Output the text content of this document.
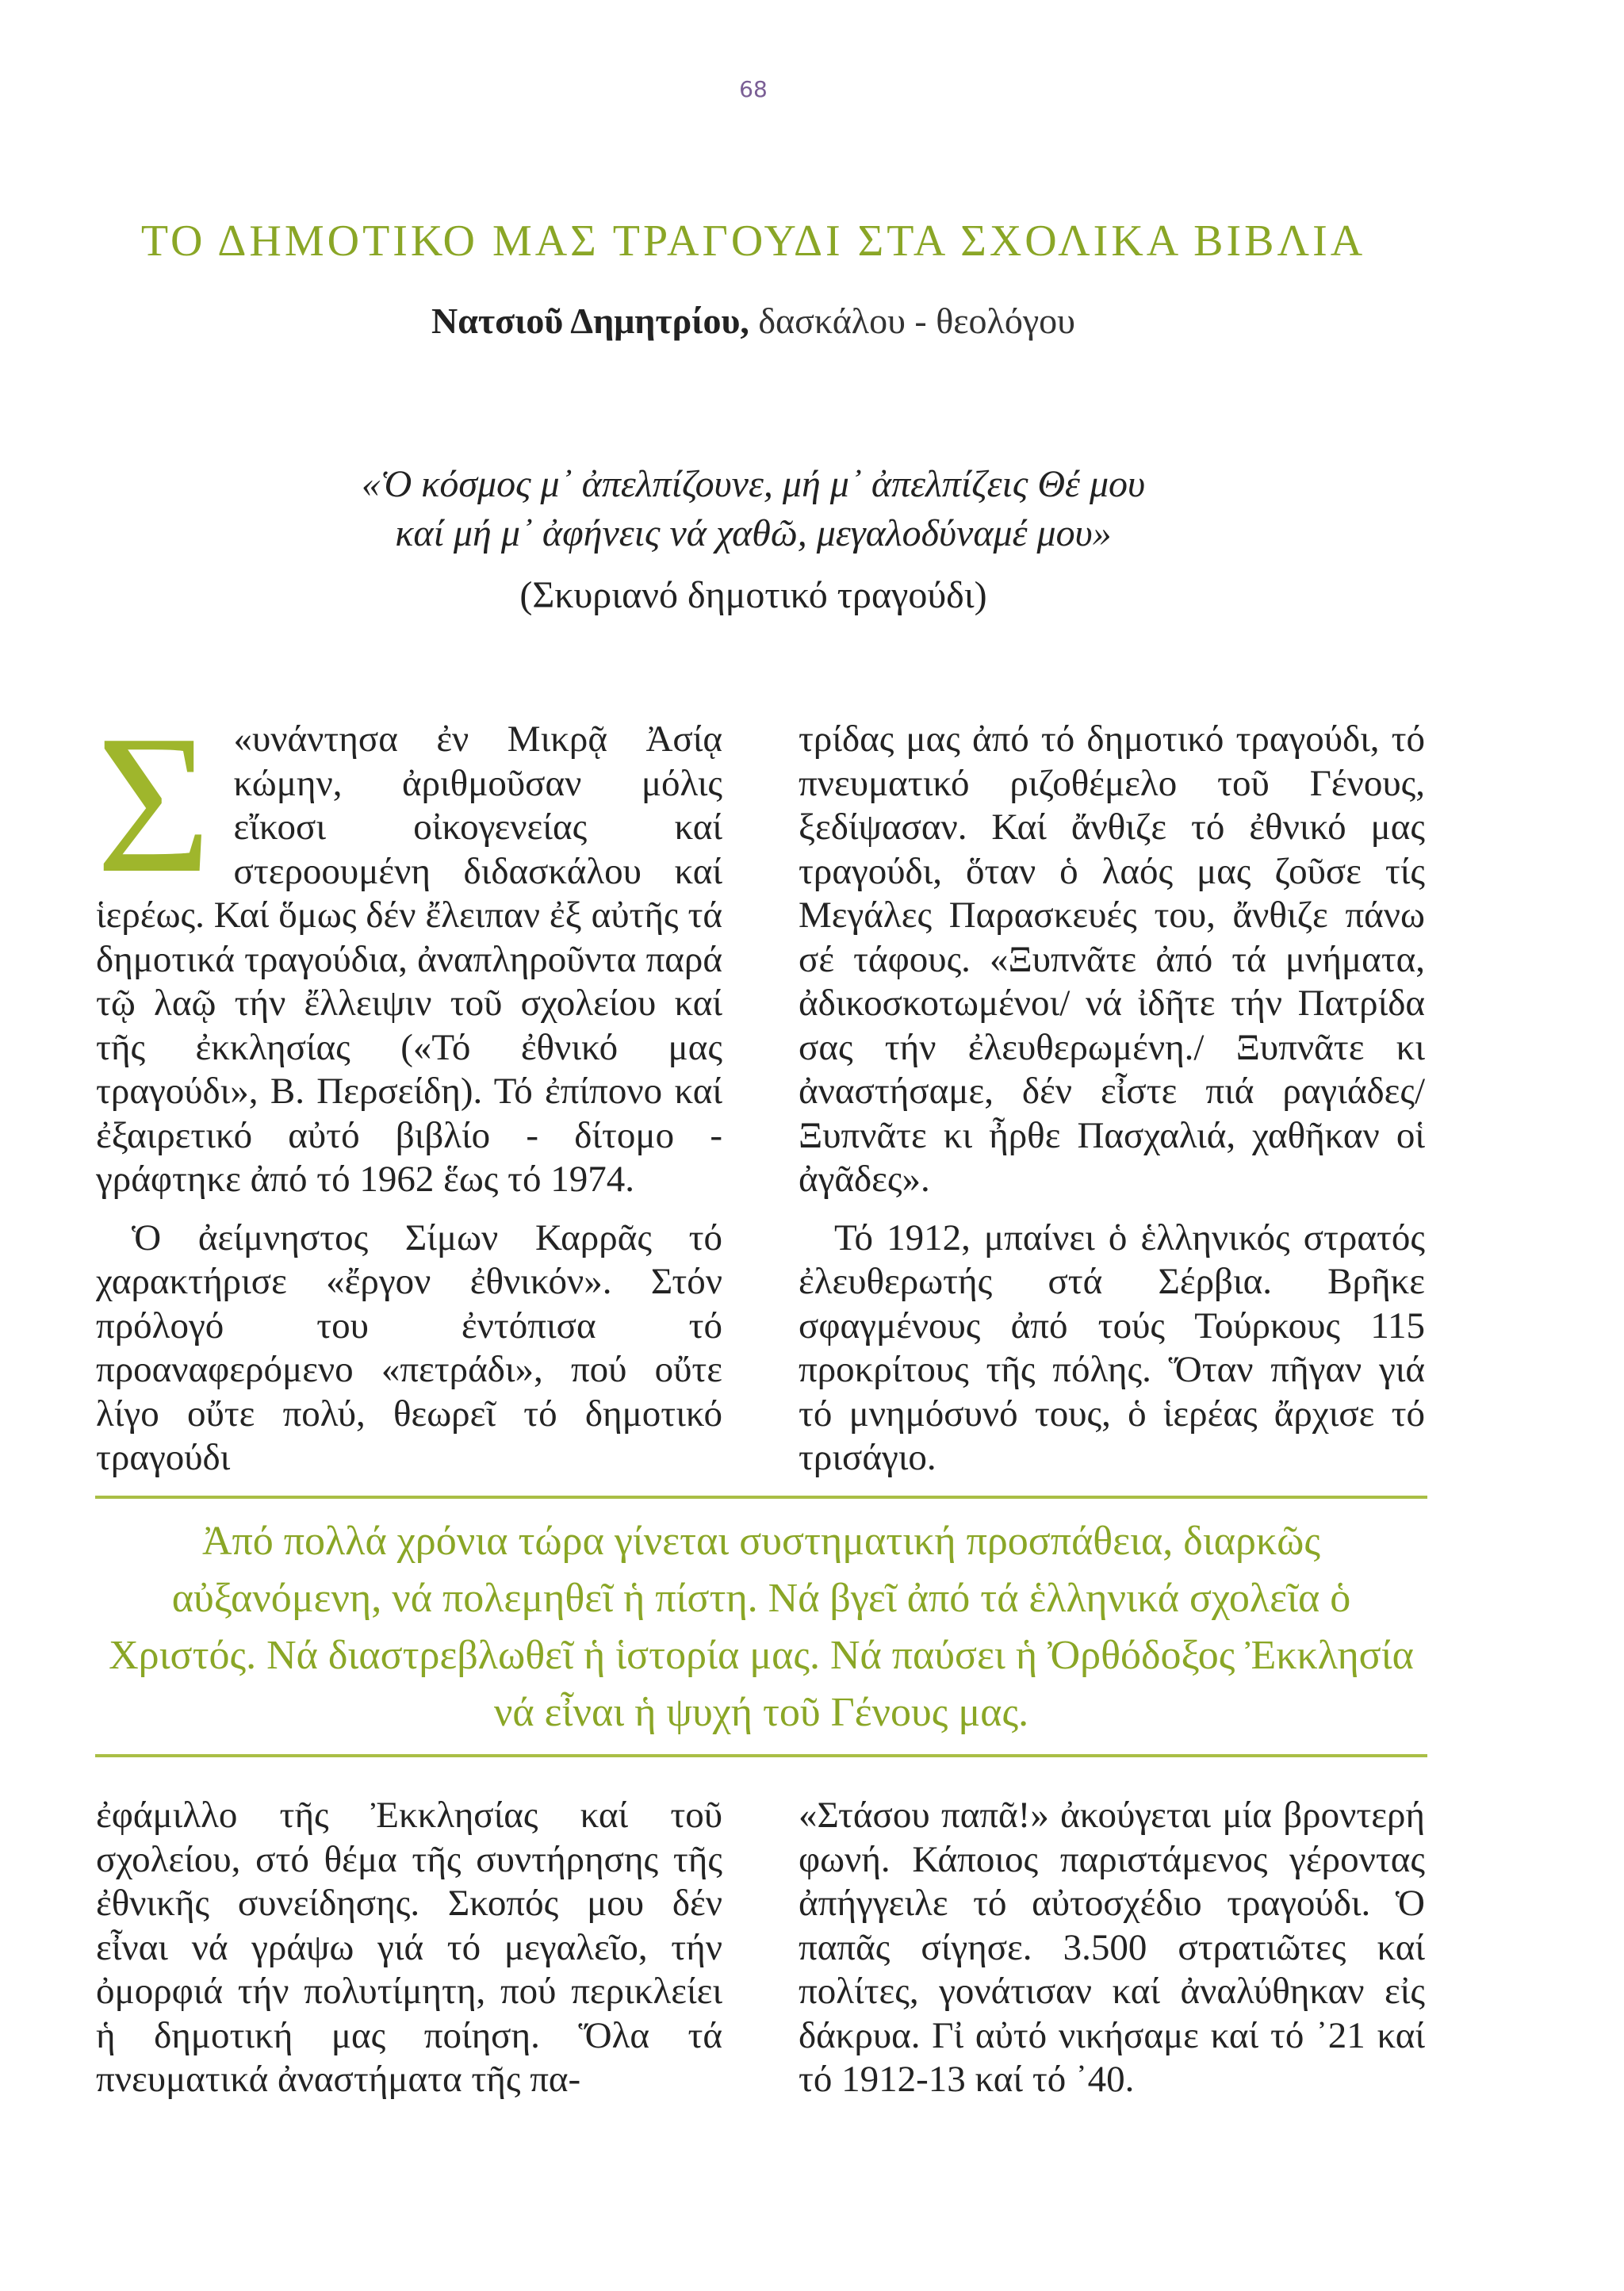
68
ΤΟ ΔΗΜΟΤΙΚΟ ΜΑΣ ΤΡΑΓΟΥΔΙ ΣΤΑ ΣΧΟΛΙΚΑ ΒΙΒΛΙΑ
Νατσιοῦ Δημητρίου, δασκάλου - θεολόγου
«Ὁ κόσμος μ᾽ ἀπελπίζουνε, μή μ᾽ ἀπελπίζεις Θέ μου
καί μή μ᾽ ἀφήνεις νά χαθῶ, μεγαλοδύναμέ μου»
(Σκυριανό δημοτικό τραγούδι)
Σ «υνάντησα ἐν Μικρᾷ Ἀσίᾳ κώμην, ἀριθμοῦσαν μόλις εἴκοσι οἰκογενείας καί στεροουμένη διδασκάλου καί ἱερέως. Καί ὅμως δέν ἔλειπαν ἐξ αὐτῆς τά δημοτικά τραγούδια, ἀναπληροῦντα παρά τῷ λαῷ τήν ἔλλειψιν τοῦ σχολείου καί τῆς ἐκκλησίας («Τό ἐθνικό μας τραγούδι», Β. Περσείδη). Τό ἐπίπονο καί ἐξαιρετικό αὐτό βιβλίο - δίτομο - γράφτηκε ἀπό τό 1962 ἕως τό 1974.

Ὁ ἀείμνηστος Σίμων Καρρᾶς τό χαρακτήρισε «ἔργον ἐθνικόν». Στόν πρόλογό του ἐντόπισα τό προαναφερόμενο «πετράδι», πού οὔτε λίγο οὔτε πολύ, θεωρεῖ τό δημοτικό τραγούδι

τρίδας μας ἀπό τό δημοτικό τραγούδι, τό πνευματικό ριζοθέμελο τοῦ Γένους, ξεδίψασαν. Καί ἄνθιζε τό ἐθνικό μας τραγούδι, ὅταν ὁ λαός μας ζοῦσε τίς Μεγάλες Παρασκευές του, ἄνθιζε πάνω σέ τάφους. «Ξυπνᾶτε ἀπό τά μνήματα, ἀδικοσκοτωμένοι/ νά ἰδῆτε τήν Πατρίδα σας τήν ἐλευθερωμένη./ Ξυπνᾶτε κι ἀναστήσαμε, δέν εἶστε πιά ραγιάδες/ Ξυπνᾶτε κι ἦρθε Πασχαλιά, χαθῆκαν οἱ ἀγᾶδες».

Τό 1912, μπαίνει ὁ ἑλληνικός στρατός ἐλευθερωτής στά Σέρβια. Βρῆκε σφαγμένους ἀπό τούς Τούρκους 115 προκρίτους τῆς πόλης. Ὅταν πῆγαν γιά τό μνημόσυνό τους, ὁ ἱερέας ἄρχισε τό τρισάγιο.

Ἀπό πολλά χρόνια τώρα γίνεται συστηματική προσπάθεια, διαρκῶς αὐξανόμενη, νά πολεμηθεῖ ἡ πίστη. Νά βγεῖ ἀπό τά ἑλληνικά σχολεῖα ὁ Χριστός. Νά διαστρεβλωθεῖ ἡ ἱστορία μας. Νά παύσει ἡ Ὀρθόδοξος Ἐκκλησία νά εἶναι ἡ ψυχή τοῦ Γένους μας.

ἐφάμιλλο τῆς Ἐκκλησίας καί τοῦ σχολείου, στό θέμα τῆς συντήρησης τῆς ἐθνικῆς συνείδησης. Σκοπός μου δέν εἶναι νά γράψω γιά τό μεγαλεῖο, τήν ὀμορφιά τήν πολυτίμητη, πού περικλείει ἡ δημοτική μας ποίηση. Ὅλα τά πνευματικά ἀναστήματα τῆς πα-

«Στάσου παπᾶ!» ἀκούγεται μία βροντερή φωνή. Κάποιος παριστάμενος γέροντας ἀπήγγειλε τό αὐτοσχέδιο τραγούδι. Ὁ παπᾶς σίγησε. 3.500 στρατιῶτες καί πολίτες, γονάτισαν καί ἀναλύθηκαν εἰς δάκρυα. Γἰ αὐτό νικήσαμε καί τό ᾽21 καί τό 1912-13 καί τό ᾽40.
